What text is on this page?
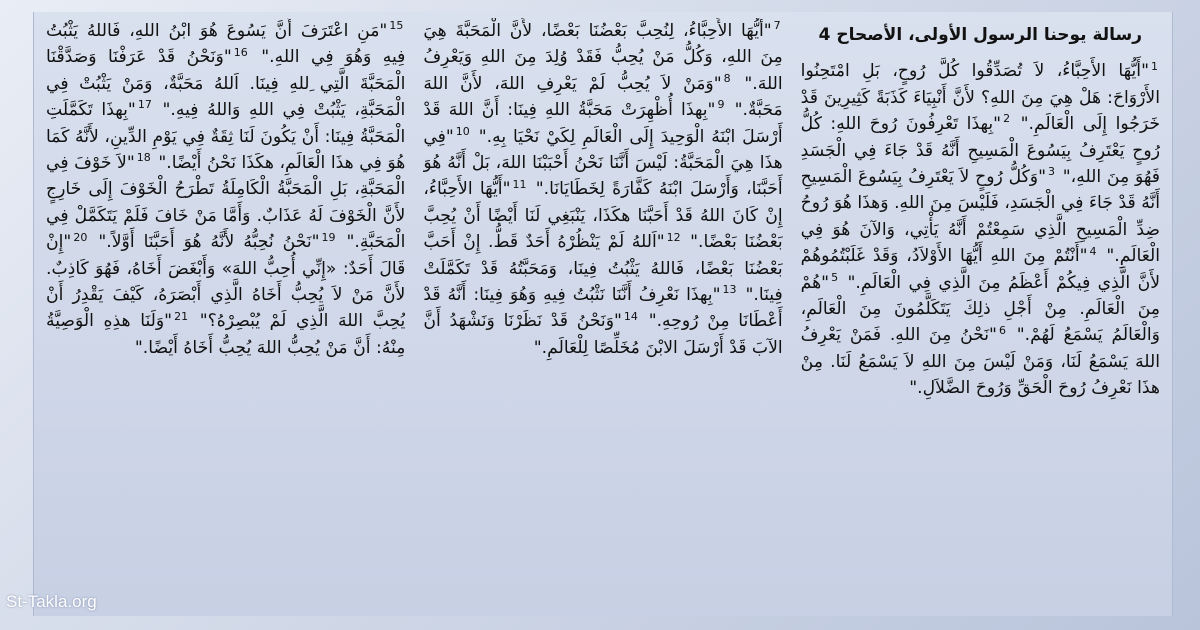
رسالة يوحنا الرسول الأولى، الأصحاح 4
$^1$"أَيُّهَا الأَحِبَّاءُ، لاَ تُصَدِّقُوا كُلَّ رُوحٍ، بَلِ امْتَحِنُوا الأَرْوَاحَ: هَلْ هِيَ مِنَ اللهِ؟ لأَنَّ أَنْبِيَاءَ كَذَبَةً كَثِيرِينَ قَدْ خَرَجُوا إِلَى الْعَالَمِ." $^2$"بِهذَا تَعْرِفُونَ رُوحَ اللهِ: كُلُّ رُوحٍ يَعْتَرِفُ بِيَسُوعَ الْمَسِيحِ أَنَّهُ قَدْ جَاءَ فِي الْجَسَدِ فَهُوَ مِنَ اللهِ،" $^3$"وَكُلُّ رُوحٍ لاَ يَعْتَرِفُ بِيَسُوعَ الْمَسِيحِ أَنَّهُ قَدْ جَاءَ فِي الْجَسَدِ، فَلَيْسَ مِنَ اللهِ. وَهذَا هُوَ رُوحُ ضِدِّ الْمَسِيحِ الَّذِي سَمِعْتُمْ أَنَّهُ يَأْتِي، وَالآنَ هُوَ فِي الْعَالَمِ." $^4$"أَنْتُمْ مِنَ اللهِ أَيُّهَا الأَوْلاَدُ، وَقَدْ غَلَبْتُمُوهُمْ لأَنَّ الَّذِي فِيكُمْ أَعْظَمُ مِنَ الَّذِي فِي الْعَالَمِ." $^5$"هُمْ مِنَ الْعَالَمِ. مِنْ أَجْلِ ذلِكَ يَتَكَلَّمُونَ مِنَ الْعَالَمِ، وَالْعَالَمُ يَسْمَعُ لَهُمْ." $^6$"نَحْنُ مِنَ اللهِ. فَمَنْ يَعْرِفُ اللهَ يَسْمَعُ لَنَا، وَمَنْ لَيْسَ مِنَ اللهِ لاَ يَسْمَعُ لَنَا. مِنْ هذَا نَعْرِفُ رُوحَ الْحَقِّ وَرُوحَ الضَّلاَلِ."
$^7$"أَيُّهَا الأَحِبَّاءُ، لِنُحِبَّ بَعْضُنَا بَعْضًا، لأَنَّ الْمَحَبَّةَ هِيَ مِنَ اللهِ، وَكُلُّ مَنْ يُحِبُّ فَقَدْ وُلِدَ مِنَ اللهِ وَيَعْرِفُ اللهَ." $^8$"وَمَنْ لاَ يُحِبُّ لَمْ يَعْرِفِ اللهَ، لأَنَّ اللهَ مَحَبَّةٌ." $^9$"بِهذَا أُظْهِرَتْ مَحَبَّةُ اللهِ فِينَا: أَنَّ اللهَ قَدْ أَرْسَلَ ابْنَهُ الْوَحِيدَ إِلَى الْعَالَمِ لِكَيْ نَحْيَا بِهِ." $^{10}$"فِي هذَا هِيَ الْمَحَبَّةُ: لَيْسَ أَنَّنَا نَحْنُ أَحْبَبْنَا اللهَ، بَلْ أَنَّهُ هُوَ أَحَبَّنَا، وَأَرْسَلَ ابْنَهُ كَفَّارَةً لِخَطَايَانَا." $^{11}$"أَيُّهَا الأَحِبَّاءُ، إِنْ كَانَ اللهُ قَدْ أَحَبَّنَا هكَذَا، يَنْبَغِي لَنَا أَيْضًا أَنْ يُحِبَّ بَعْضُنَا بَعْضًا." $^{12}$"اَللهُ لَمْ يَنْظُرْهُ أَحَدٌ قَطُّ. إِنْ أَحَبَّ بَعْضُنَا بَعْضًا، فَاللهُ يَثْبُتُ فِينَا، وَمَحَبَّتُهُ قَدْ تَكَمَّلَتْ فِينَا." $^{13}$"بِهذَا نَعْرِفُ أَنَّنَا نَثْبُتُ فِيهِ وَهُوَ فِينَا: أَنَّهُ قَدْ أَعْطَانَا مِنْ رُوحِهِ." $^{14}$"وَنَحْنُ قَدْ نَظَرْنَا وَنَشْهَدُ أَنَّ الآبَ قَدْ أَرْسَلَ الابْنَ مُخَلِّصًا لِلْعَالَمِ."
$^{15}$"مَنِ اعْتَرَفَ أَنَّ يَسُوعَ هُوَ ابْنُ اللهِ، فَاللهُ يَثْبُتُ فِيهِ وَهُوَ فِي اللهِ." $^{16}$"وَنَحْنُ قَدْ عَرَفْنَا وَصَدَّقْنَا الْمَحَبَّةَ الَّتِي ِللهِ فِينَا. اَللهُ مَحَبَّةٌ، وَمَنْ يَثْبُتْ فِي الْمَحَبَّةِ، يَثْبُتْ فِي اللهِ وَاللهُ فِيهِ." $^{17}$"بِهذَا تَكَمَّلَتِ الْمَحَبَّةُ فِينَا: أَنْ يَكُونَ لَنَا ثِقَةٌ فِي يَوْمِ الدِّينِ، لأَنَّهُ كَمَا هُوَ فِي هذَا الْعَالَمِ، هكَذَا نَحْنُ أَيْضًا." $^{18}$"لاَ خَوْفَ فِي الْمَحَبَّةِ، بَلِ الْمَحَبَّةُ الْكَامِلَةُ تَطْرَحُ الْخَوْفَ إِلَى خَارِجٍ لأَنَّ الْخَوْفَ لَهُ عَذَابٌ. وَأَمَّا مَنْ خَافَ فَلَمْ يَتَكَمَّلْ فِي الْمَحَبَّةِ." $^{19}$"نَحْنُ نُحِبُّهُ لأَنَّهُ هُوَ أَحَبَّنَا أَوَّلاً." $^{20}$"إِنْ قَالَ أَحَدٌ: «إِنِّي أُحِبُّ اللهَ» وَأَبْغَضَ أَخَاهُ، فَهُوَ كَاذِبٌ. لأَنَّ مَنْ لاَ يُحِبُّ أَخَاهُ الَّذِي أَبْصَرَهُ، كَيْفَ يَقْدِرُ أَنْ يُحِبَّ اللهَ الَّذِي لَمْ يُبْصِرْهُ؟" $^{21}$"وَلَنَا هذِهِ الْوَصِيَّةُ مِنْهُ: أَنَّ مَنْ يُحِبُّ اللهَ يُحِبُّ أَخَاهُ أَيْضًا."
St-Takla.org
